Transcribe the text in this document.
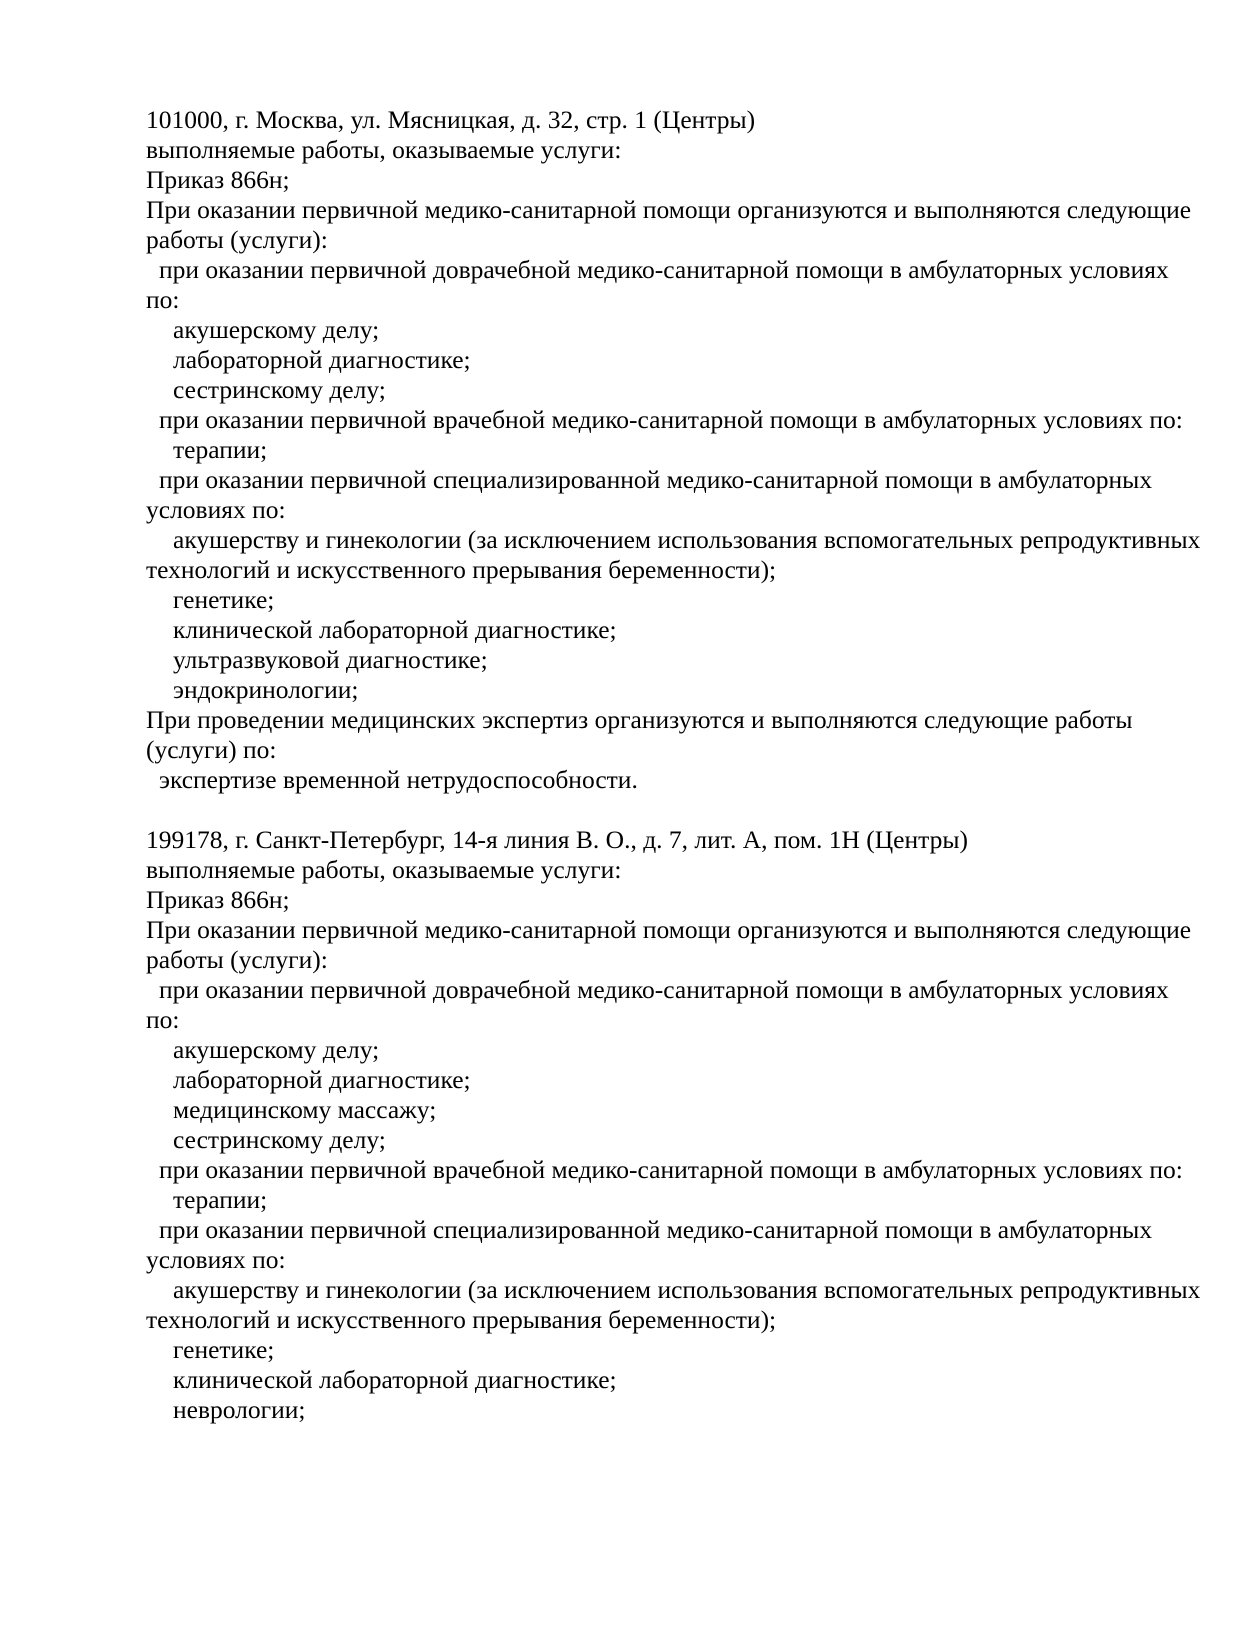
101000, г. Москва, ул. Мясницкая, д. 32, стр. 1 (Центры)
выполняемые работы, оказываемые услуги:
Приказ 866н;
При оказании первичной медико-санитарной помощи организуются и выполняются следующие
работы (услуги):
при оказании первичной доврачебной медико-санитарной помощи в амбулаторных условиях
по:
акушерскому делу;
лабораторной диагностике;
сестринскому делу;
при оказании первичной врачебной медико-санитарной помощи в амбулаторных условиях по:
терапии;
при оказании первичной специализированной медико-санитарной помощи в амбулаторных
условиях по:
акушерству и гинекологии (за исключением использования вспомогательных репродуктивных
технологий и искусственного прерывания беременности);
генетике;
клинической лабораторной диагностике;
ультразвуковой диагностике;
эндокринологии;
При проведении медицинских экспертиз организуются и выполняются следующие работы
(услуги) по:
экспертизе временной нетрудоспособности.
199178, г. Санкт-Петербург, 14-я линия В. О., д. 7, лит. А, пом. 1Н (Центры)
выполняемые работы, оказываемые услуги:
Приказ 866н;
При оказании первичной медико-санитарной помощи организуются и выполняются следующие
работы (услуги):
при оказании первичной доврачебной медико-санитарной помощи в амбулаторных условиях
по:
акушерскому делу;
лабораторной диагностике;
медицинскому массажу;
сестринскому делу;
при оказании первичной врачебной медико-санитарной помощи в амбулаторных условиях по:
терапии;
при оказании первичной специализированной медико-санитарной помощи в амбулаторных
условиях по:
акушерству и гинекологии (за исключением использования вспомогательных репродуктивных
технологий и искусственного прерывания беременности);
генетике;
клинической лабораторной диагностике;
неврологии;
